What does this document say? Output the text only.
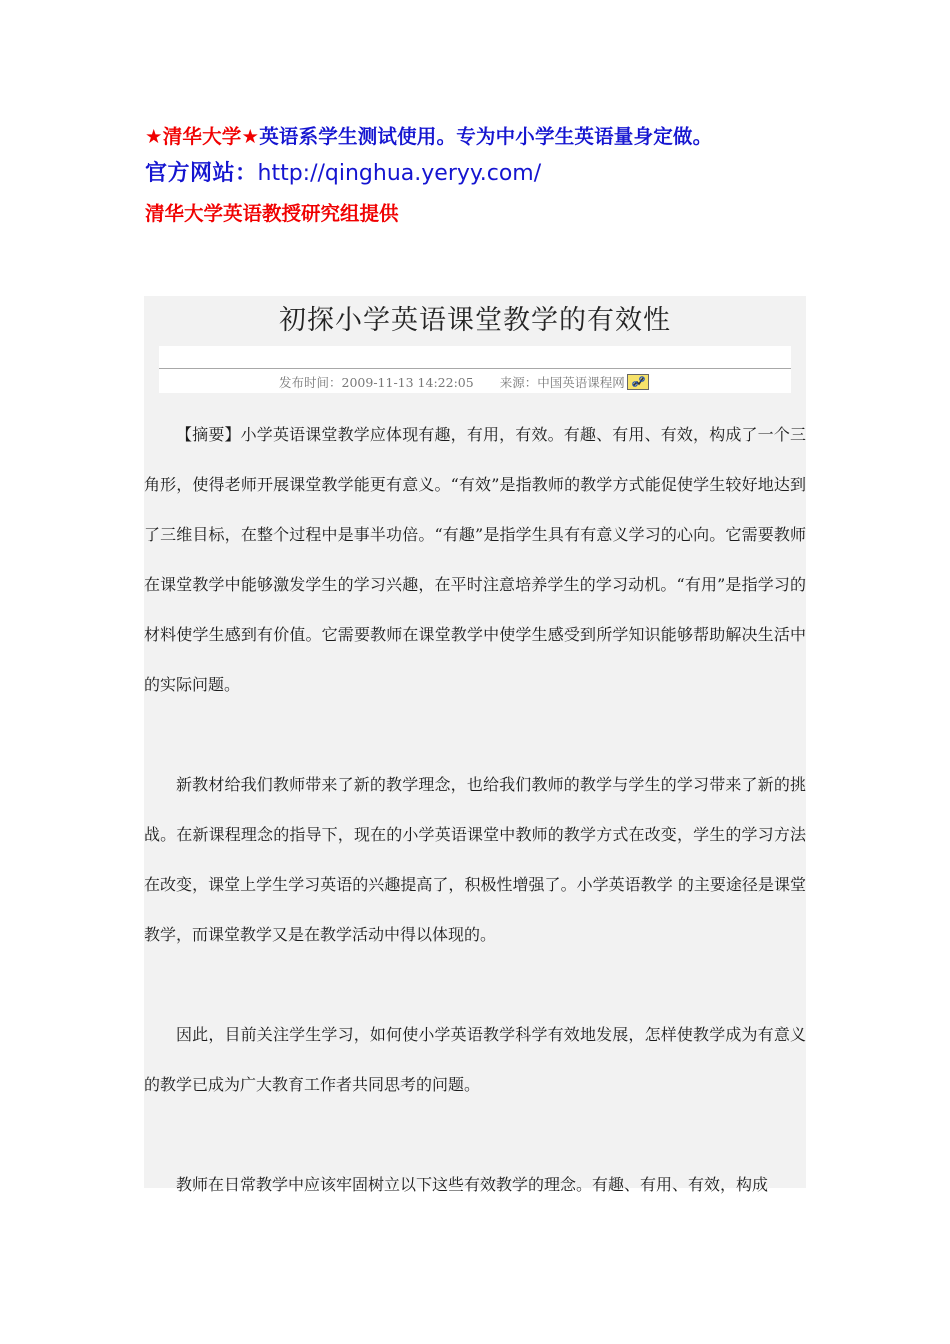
★清华大学★英语系学生测试使用。专为中小学生英语量身定做。
官方网站：http://qinghua.yeryy.com/
清华大学英语教授研究组提供
初探小学英语课堂教学的有效性
发布时间：2009-11-13 14:22:05 来源：中国英语课程网

【摘要】小学英语课堂教学应体现有趣，有用，有效。有趣、有用、有效，构成了一个三角形，使得老师开展课堂教学能更有意义。“有效”是指教师的教学方式能促使学生较好地达到了三维目标，在整个过程中是事半功倍。“有趣”是指学生具有有意义学习的心向。它需要教师在课堂教学中能够激发学生的学习兴趣，在平时注意培养学生的学习动机。“有用”是指学习的材料使学生感到有价值。它需要教师在课堂教学中使学生感受到所学知识能够帮助解决生活中的实际问题。

新教材给我们教师带来了新的教学理念，也给我们教师的教学与学生的学习带来了新的挑战。在新课程理念的指导下，现在的小学英语课堂中教师的教学方式在改变，学生的学习方法在改变，课堂上学生学习英语的兴趣提高了，积极性增强了。小学英语教学 的主要途径是课堂教学，而课堂教学又是在教学活动中得以体现的。

因此，目前关注学生学习，如何使小学英语教学科学有效地发展，怎样使教学成为有意义的教学已成为广大教育工作者共同思考的问题。

教师在日常教学中应该牢固树立以下这些有效教学的理念。有趣、有用、有效，构成
